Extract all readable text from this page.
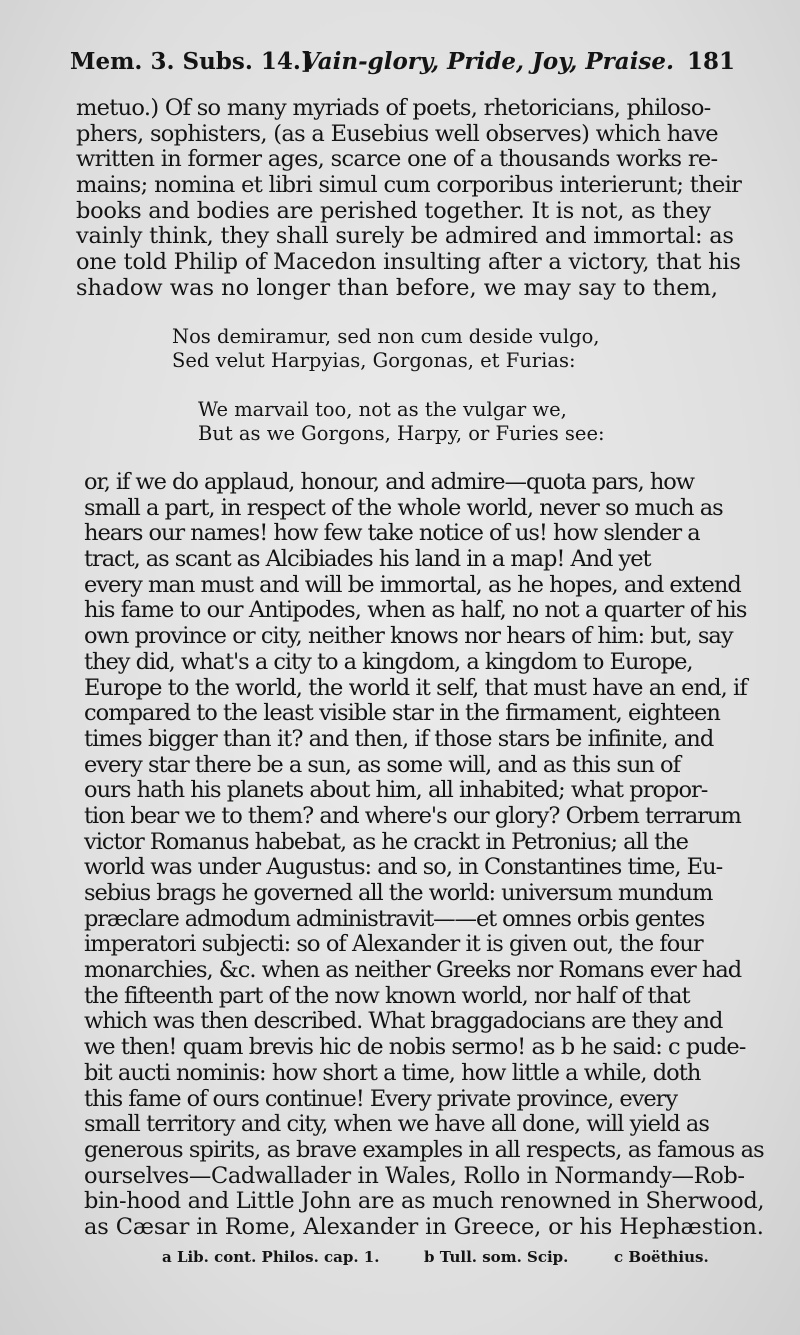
Mem. 3. Subs. 14.]
Vain-glory, Pride, Joy, Praise. 181
metuo.) Of so many myriads of poets, rhetoricians, philoso-
phers, sophisters, (as a Eusebius well observes) which have
written in former ages, scarce one of a thousands works re-
mains; nomina et libri simul cum corporibus interierunt; their
books and bodies are perished together. It is not, as they
vainly think, they shall surely be admired and immortal: as
one told Philip of Macedon insulting after a victory, that his
shadow was no longer than before, we may say to them,
Nos demiramur, sed non cum deside vulgo,
Sed velut Harpyias, Gorgonas, et Furias:
We marvail too, not as the vulgar we,
But as we Gorgons, Harpy, or Furies see:
or, if we do applaud, honour, and admire—quota pars, how
small a part, in respect of the whole world, never so much as
hears our names! how few take notice of us! how slender a
tract, as scant as Alcibiades his land in a map! And yet
every man must and will be immortal, as he hopes, and extend
his fame to our Antipodes, when as half, no not a quarter of his
own province or city, neither knows nor hears of him: but, say
they did, what's a city to a kingdom, a kingdom to Europe,
Europe to the world, the world it self, that must have an end, if
compared to the least visible star in the firmament, eighteen
times bigger than it? and then, if those stars be infinite, and
every star there be a sun, as some will, and as this sun of
ours hath his planets about him, all inhabited; what propor-
tion bear we to them? and where's our glory? Orbem terrarum
victor Romanus habebat, as he crackt in Petronius; all the
world was under Augustus: and so, in Constantines time, Eu-
sebius brags he governed all the world: universum mundum
præclare admodum administravit——et omnes orbis gentes
imperatori subjecti: so of Alexander it is given out, the four
monarchies, &c. when as neither Greeks nor Romans ever had
the fifteenth part of the now known world, nor half of that
which was then described. What braggadocians are they and
we then! quam brevis hic de nobis sermo! as b he said: c pude-
bit aucti nominis: how short a time, how little a while, doth
this fame of ours continue! Every private province, every
small territory and city, when we have all done, will yield as
generous spirits, as brave examples in all respects, as famous as
ourselves—Cadwallader in Wales, Rollo in Normandy—Rob-
bin-hood and Little John are as much renowned in Sherwood,
as Cæsar in Rome, Alexander in Greece, or his Hephæstion.
a Lib. cont. Philos. cap. 1.	b Tull. som. Scip.	c Boëthius.
